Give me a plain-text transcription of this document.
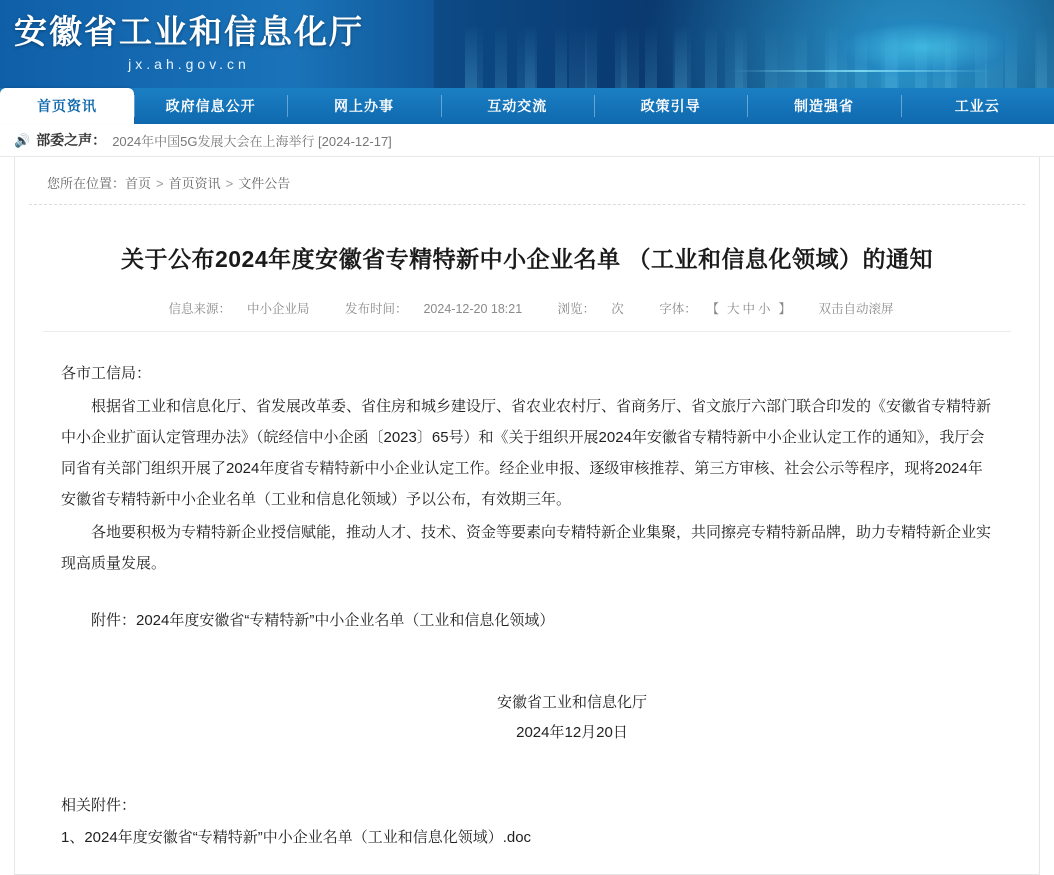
安徽省工业和信息化厅
jx.ah.gov.cn
首页资讯	政府信息公开	网上办事	互动交流	政策引导	制造强省	工业云
🔊 部委之声： 2024年中国5G发展大会在上海举行 [2024-12-17]
您所在位置：首页 > 首页资讯 > 文件公告
关于公布2024年度安徽省专精特新中小企业名单 （工业和信息化领域）的通知
信息来源： 中小企业局	发布时间： 2024-12-20 18:21	浏览： 次	字体： 【 大 中 小 】 双击自动滚屏

各市工信局：

根据省工业和信息化厅、省发展改革委、省住房和城乡建设厅、省农业农村厅、省商务厅、省文旅厅六部门联合印发的《安徽省专精特新中小企业扩面认定管理办法》（皖经信中小企函〔2023〕65号）和《关于组织开展2024年安徽省专精特新中小企业认定工作的通知》，我厅会同省有关部门组织开展了2024年度省专精特新中小企业认定工作。经企业申报、逐级审核推荐、第三方审核、社会公示等程序，现将2024年安徽省专精特新中小企业名单（工业和信息化领域）予以公布，有效期三年。

各地要积极为专精特新企业授信赋能，推动人才、技术、资金等要素向专精特新企业集聚，共同擦亮专精特新品牌，助力专精特新企业实现高质量发展。

附件：2024年度安徽省“专精特新”中小企业名单（工业和信息化领域）

安徽省工业和信息化厅
2024年12月20日
相关附件：
1、2024年度安徽省“专精特新”中小企业名单（工业和信息化领域）.doc
